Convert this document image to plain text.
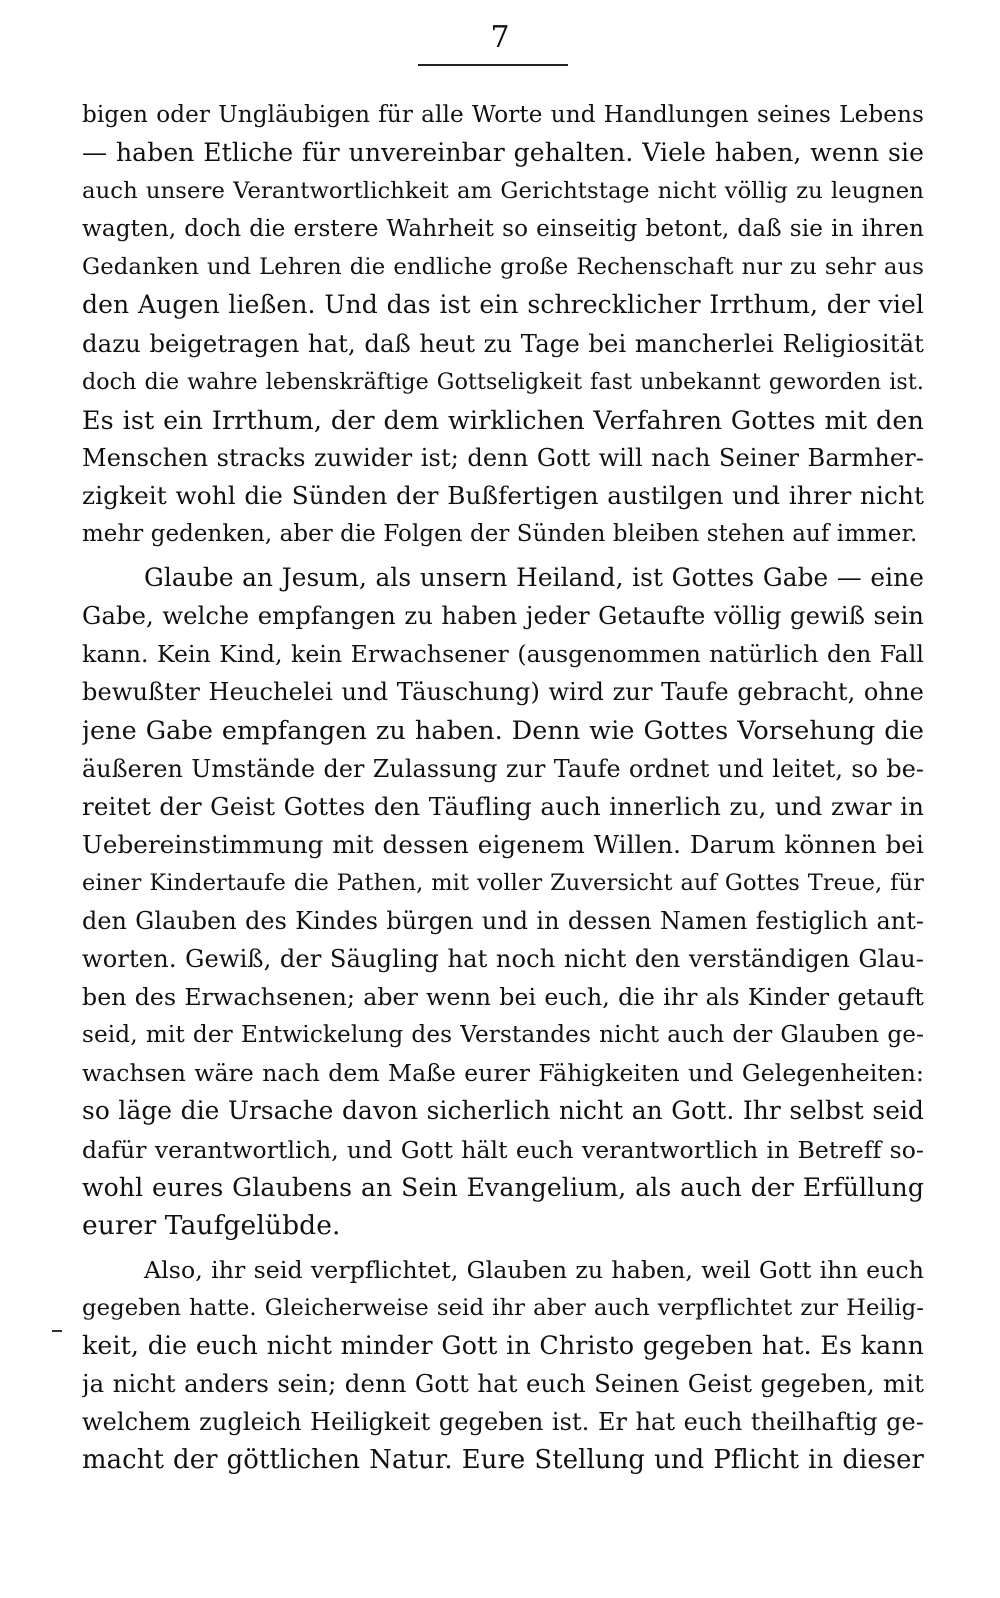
7
bigen oder Ungläubigen für alle Worte und Handlungen seines Lebens
— haben Etliche für unvereinbar gehalten. Viele haben, wenn sie
auch unsere Verantwortlichkeit am Gerichtstage nicht völlig zu leugnen
wagten, doch die erstere Wahrheit so einseitig betont, daß sie in ihren
Gedanken und Lehren die endliche große Rechenschaft nur zu sehr aus
den Augen ließen. Und das ist ein schrecklicher Irrthum, der viel
dazu beigetragen hat, daß heut zu Tage bei mancherlei Religiosität
doch die wahre lebenskräftige Gottseligkeit fast unbekannt geworden ist.
Es ist ein Irrthum, der dem wirklichen Verfahren Gottes mit den
Menschen stracks zuwider ist; denn Gott will nach Seiner Barmher-
zigkeit wohl die Sünden der Bußfertigen austilgen und ihrer nicht
mehr gedenken, aber die Folgen der Sünden bleiben stehen auf immer.
Glaube an Jesum, als unsern Heiland, ist Gottes Gabe — eine
Gabe, welche empfangen zu haben jeder Getaufte völlig gewiß sein
kann. Kein Kind, kein Erwachsener (ausgenommen natürlich den Fall
bewußter Heuchelei und Täuschung) wird zur Taufe gebracht, ohne
jene Gabe empfangen zu haben. Denn wie Gottes Vorsehung die
äußeren Umstände der Zulassung zur Taufe ordnet und leitet, so be-
reitet der Geist Gottes den Täufling auch innerlich zu, und zwar in
Uebereinstimmung mit dessen eigenem Willen. Darum können bei
einer Kindertaufe die Pathen, mit voller Zuversicht auf Gottes Treue, für
den Glauben des Kindes bürgen und in dessen Namen festiglich ant-
worten. Gewiß, der Säugling hat noch nicht den verständigen Glau-
ben des Erwachsenen; aber wenn bei euch, die ihr als Kinder getauft
seid, mit der Entwickelung des Verstandes nicht auch der Glauben ge-
wachsen wäre nach dem Maße eurer Fähigkeiten und Gelegenheiten:
so läge die Ursache davon sicherlich nicht an Gott. Ihr selbst seid
dafür verantwortlich, und Gott hält euch verantwortlich in Betreff so-
wohl eures Glaubens an Sein Evangelium, als auch der Erfüllung
eurer Taufgelübde.
Also, ihr seid verpflichtet, Glauben zu haben, weil Gott ihn euch
gegeben hatte. Gleicherweise seid ihr aber auch verpflichtet zur Heilig-
keit, die euch nicht minder Gott in Christo gegeben hat. Es kann
ja nicht anders sein; denn Gott hat euch Seinen Geist gegeben, mit
welchem zugleich Heiligkeit gegeben ist. Er hat euch theilhaftig ge-
macht der göttlichen Natur. Eure Stellung und Pflicht in dieser
